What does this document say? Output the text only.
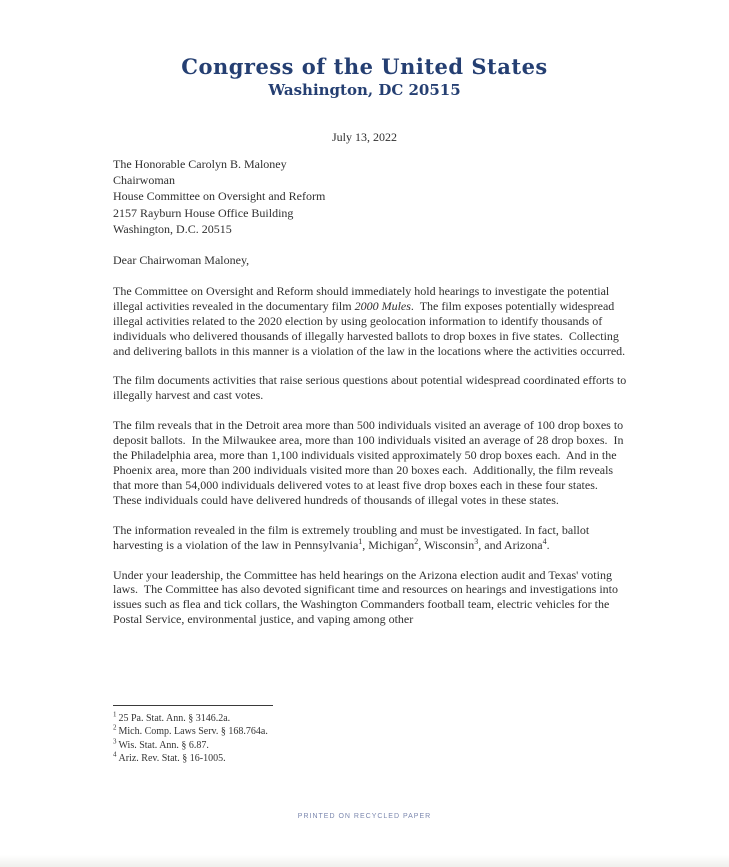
Congress of the United States
Washington, DC 20515
July 13, 2022
The Honorable Carolyn B. Maloney
Chairwoman
House Committee on Oversight and Reform
2157 Rayburn House Office Building
Washington, D.C. 20515

Dear Chairwoman Maloney,

The Committee on Oversight and Reform should immediately hold hearings to investigate the potential illegal activities revealed in the documentary film 2000 Mules.  The film exposes potentially widespread illegal activities related to the 2020 election by using geolocation information to identify thousands of individuals who delivered thousands of illegally harvested ballots to drop boxes in five states.  Collecting and delivering ballots in this manner is a violation of the law in the locations where the activities occurred.

The film documents activities that raise serious questions about potential widespread coordinated efforts to illegally harvest and cast votes.

The film reveals that in the Detroit area more than 500 individuals visited an average of 100 drop boxes to deposit ballots.  In the Milwaukee area, more than 100 individuals visited an average of 28 drop boxes.  In the Philadelphia area, more than 1,100 individuals visited approximately 50 drop boxes each.  And in the Phoenix area, more than 200 individuals visited more than 20 boxes each.  Additionally, the film reveals that more than 54,000 individuals delivered votes to at least five drop boxes each in these four states.  These individuals could have delivered hundreds of thousands of illegal votes in these states.

The information revealed in the film is extremely troubling and must be investigated. In fact, ballot harvesting is a violation of the law in Pennsylvania$^1$, Michigan$^2$, Wisconsin$^3$, and Arizona$^4$.

Under your leadership, the Committee has held hearings on the Arizona election audit and Texas' voting laws.  The Committee has also devoted significant time and resources on hearings and investigations into issues such as flea and tick collars, the Washington Commanders football team, electric vehicles for the Postal Service, environmental justice, and vaping among other

$^1$ 25 Pa. Stat. Ann. § 3146.2a.
$^2$ Mich. Comp. Laws Serv. § 168.764a.
$^3$ Wis. Stat. Ann. § 6.87.
$^4$ Ariz. Rev. Stat. § 16-1005.
PRINTED ON RECYCLED PAPER
